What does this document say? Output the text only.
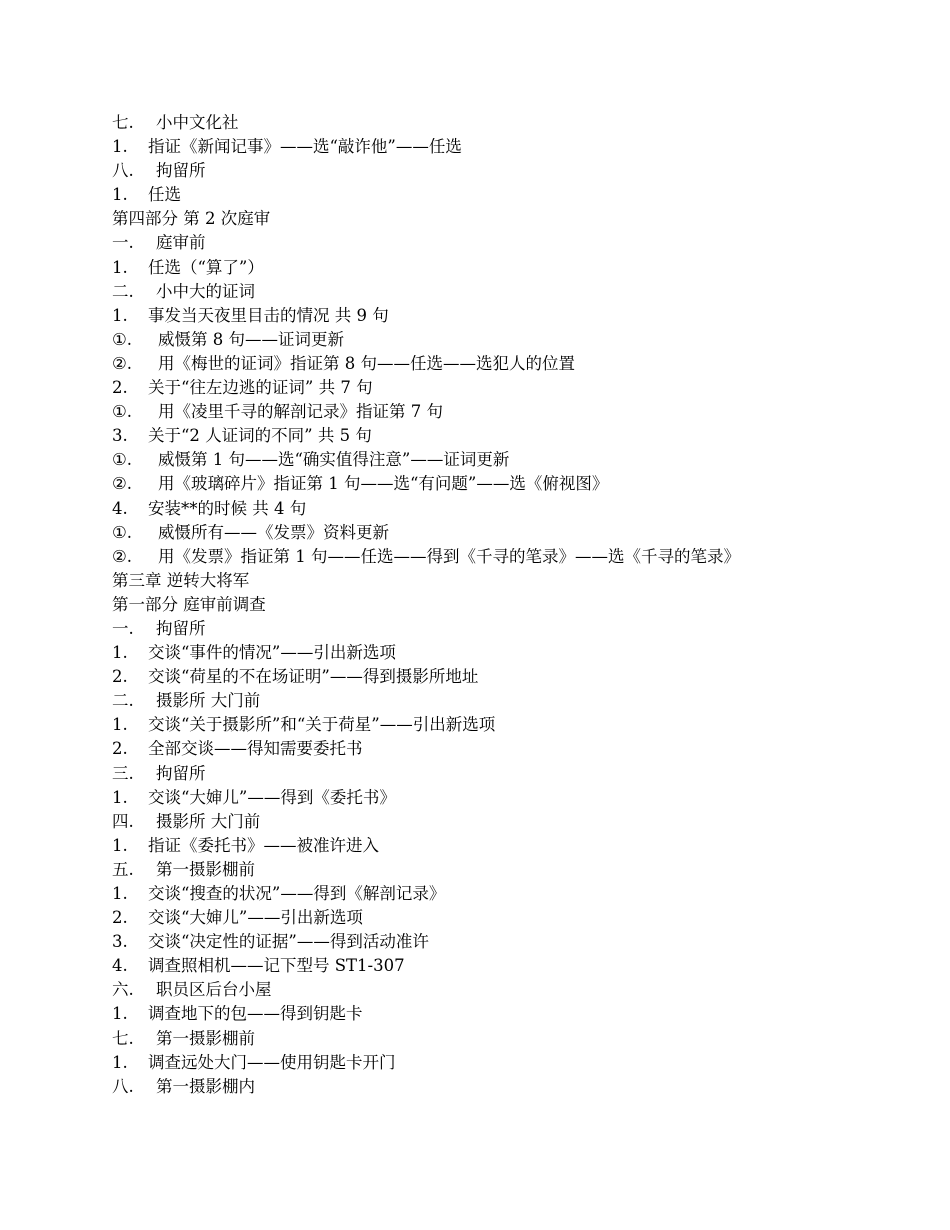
七.	小中文化社
1.	指证《新闻记事》——选“敲诈他”——任选
八.	拘留所
1.	任选
第四部分 第 2 次庭审
一.	庭审前
1.	任选（“算了”）
二.	小中大的证词
1.	事发当天夜里目击的情况 共 9 句
①.	威慑第 8 句——证词更新
②.	用《梅世的证词》指证第 8 句——任选——选犯人的位置
2.	关于“往左边逃的证词” 共 7 句
①.	用《凌里千寻的解剖记录》指证第 7 句
3.	关于“2 人证词的不同” 共 5 句
①.	威慑第 1 句——选“确实值得注意”——证词更新
②.	用《玻璃碎片》指证第 1 句——选“有问题”——选《俯视图》
4.	安装**的时候 共 4 句
①.	威慑所有——《发票》资料更新
②.	用《发票》指证第 1 句——任选——得到《千寻的笔录》——选《千寻的笔录》
第三章 逆转大将军
第一部分 庭审前调查
一.	拘留所
1.	交谈“事件的情况”——引出新选项
2.	交谈“荷星的不在场证明”——得到摄影所地址
二.	摄影所 大门前
1.	交谈“关于摄影所”和“关于荷星”——引出新选项
2.	全部交谈——得知需要委托书
三.	拘留所
1.	交谈“大婶儿”——得到《委托书》
四.	摄影所 大门前
1.	指证《委托书》——被准许进入
五.	第一摄影棚前
1.	交谈“搜查的状况”——得到《解剖记录》
2.	交谈“大婶儿”——引出新选项
3.	交谈“决定性的证据”——得到活动准许
4.	调查照相机——记下型号 ST1-307
六.	职员区后台小屋
1.	调查地下的包——得到钥匙卡
七.	第一摄影棚前
1.	调查远处大门——使用钥匙卡开门
八.	第一摄影棚内
